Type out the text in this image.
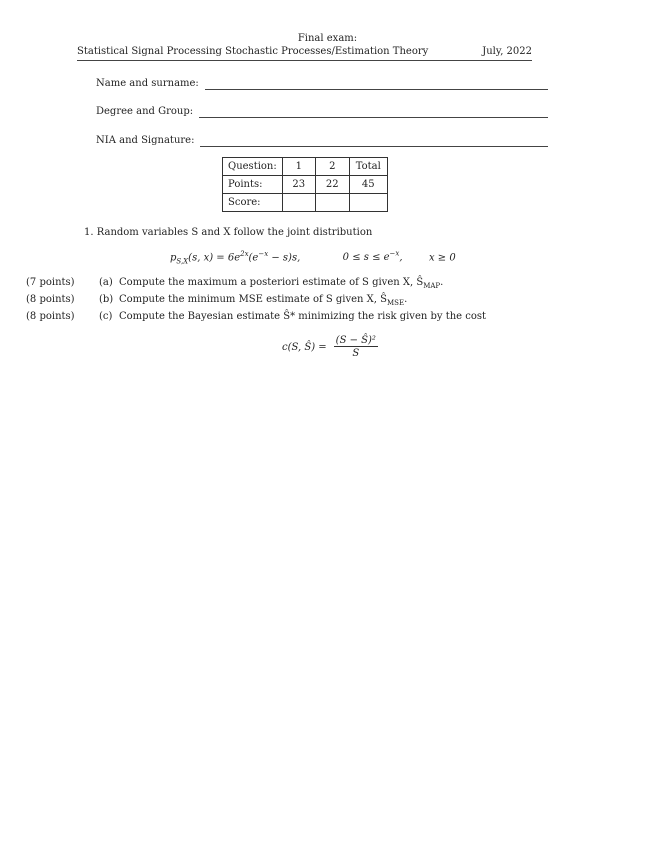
Final exam:
Statistical Signal Processing Stochastic Processes/Estimation Theory	July, 2022
Name and surname:
Degree and Group:
NIA and Signature:
Question:	1	2	Total
Points:	23	22	45
Score:			
1. Random variables S and X follow the joint distribution
$p_{S,X}(s$, $x) = 6e^{2x}(e^{-x} - s)s$,	$0 \le s \le e^{-x}$,	x ≥ 0
(7 points) (a) Compute the maximum a posteriori estimate of S given X, $Ŝ_{MAP}$.
(8 points) (b) Compute the minimum MSE estimate of S given X, $Ŝ_{MSE}$.
(8 points) (c) Compute the Bayesian estimate Ŝ* minimizing the risk given by the cost
c(S, Ŝ) = $\frac{\text{(S − Ŝ)²}}{S}$
